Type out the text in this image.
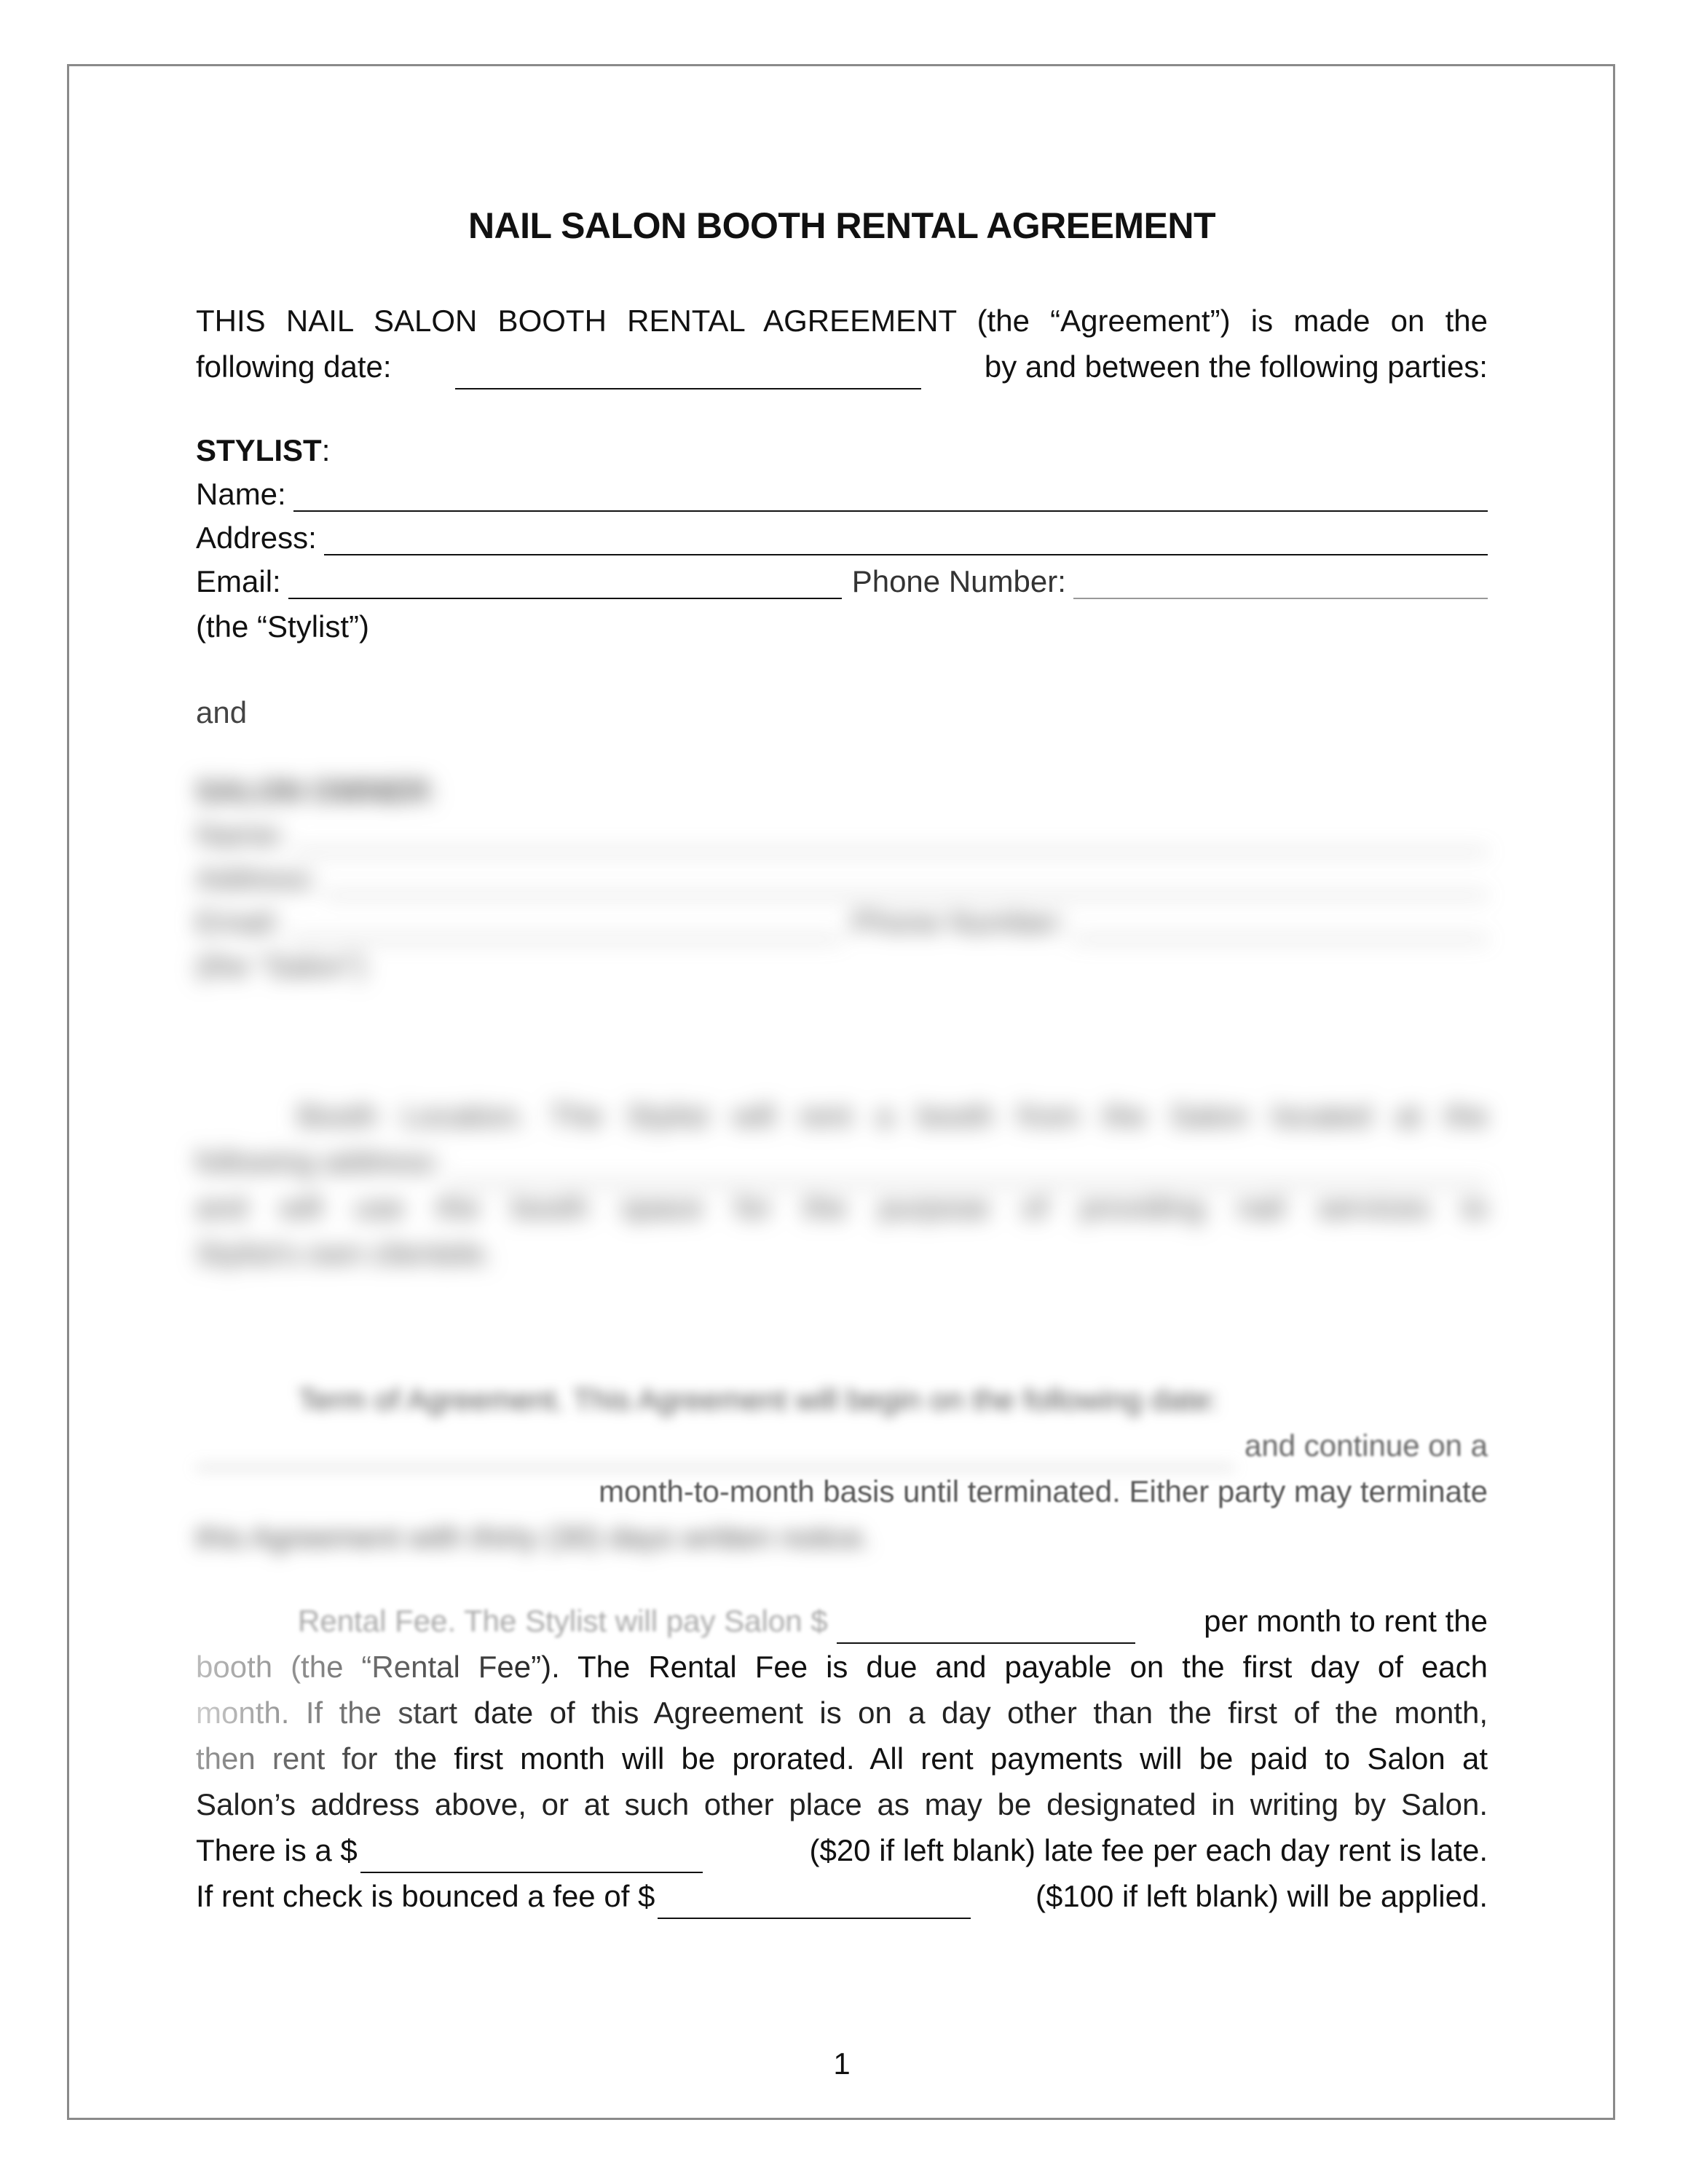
NAIL SALON BOOTH RENTAL AGREEMENT
THIS NAIL SALON BOOTH RENTAL AGREEMENT (the “Agreement”) is made on the
following date:	by and between the following parties:
STYLIST :
Name:
Address:
Email:	Phone Number:
(the “Stylist”)
and
SALON OWNER :
Name:
Address:
Email:	Phone Number:
(the “Salon”)
Booth Location. The Stylist will rent a booth from the Salon located at the
following address:
and will use the booth space for the purpose of providing nail services to
Stylist's own clientele.
Term of Agreement. This Agreement will begin on the following date:
and continue on a
month-to-month basis until terminated. Either party may terminate
this Agreement with thirty (30) days written notice.
Rental Fee. The Stylist will pay Salon $	per month to rent the
booth (the “Rental Fee”). The Rental Fee is due and payable on the first day of each
month. If the start date of this Agreement is on a day other than the first of the month,
then rent for the first month will be prorated. All rent payments will be paid to Salon at
Salon’s address above, or at such other place as may be designated in writing by Salon.
There is a $	($20 if left blank) late fee per each day rent is late.
If rent check is bounced a fee of $	($100 if left blank) will be applied.
1
